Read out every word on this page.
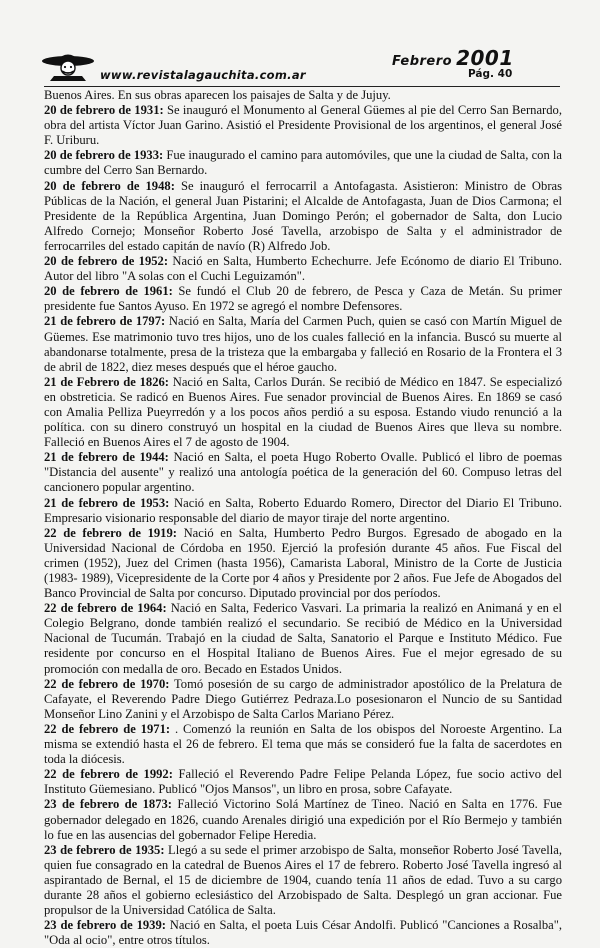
Febrero 2001
www.revistalagauchita.com.ar	Pág. 40

Buenos Aires. En sus obras aparecen los paisajes de Salta y de Jujuy.

20 de febrero de 1931: Se inauguró el Monumento al General Güemes al pie del Cerro San Bernardo, obra del artista Víctor Juan Garino. Asistió el Presidente Provisional de los argentinos, el general José F. Uriburu.

20 de febrero de 1933: Fue inaugurado el camino para automóviles, que une la ciudad de Salta, con la cumbre del Cerro San Bernardo.

20 de febrero de 1948: Se inauguró el ferrocarril a Antofagasta. Asistieron: Ministro de Obras Públicas de la Nación, el general Juan Pistarini; el Alcalde de Antofagasta, Juan de Dios Carmona; el Presidente de la República Argentina, Juan Domingo Perón; el gobernador de Salta, don Lucio Alfredo Cornejo; Monseñor Roberto José Tavella, arzobispo de Salta y el administrador de ferrocarriles del estado capitán de navío (R) Alfredo Job.

20 de febrero de 1952: Nació en Salta, Humberto Echechurre. Jefe Ecónomo de diario El Tribuno. Autor del libro "A solas con el Cuchi Leguizamón".

20 de febrero de 1961: Se fundó el Club 20 de febrero, de Pesca y Caza de Metán. Su primer presidente fue Santos Ayuso. En 1972 se agregó el nombre Defensores.

21 de febrero de 1797: Nació en Salta, María del Carmen Puch, quien se casó con Martín Miguel de Güemes. Ese matrimonio tuvo tres hijos, uno de los cuales falleció en la infancia. Buscó su muerte al abandonarse totalmente, presa de la tristeza que la embargaba y falleció en Rosario de la Frontera el 3 de abril de 1822, diez meses después que el héroe gaucho.

21 de Febrero de 1826: Nació en Salta, Carlos Durán. Se recibió de Médico en 1847. Se especializó en obstreticia. Se radicó en Buenos Aires. Fue senador provincial de Buenos Aires. En 1869 se casó con Amalia Pelliza Pueyrredón y a los pocos años perdió a su esposa. Estando viudo renunció a la política. con su dinero construyó un hospital en la ciudad de Buenos Aires que lleva su nombre. Falleció en Buenos Aires el 7 de agosto de 1904.

21 de febrero de 1944: Nació en Salta, el poeta Hugo Roberto Ovalle. Publicó el libro de poemas "Distancia del ausente" y realizó una antología poética de la generación del 60. Compuso letras del cancionero popular argentino.

21 de febrero de 1953: Nació en Salta, Roberto Eduardo Romero, Director del Diario El Tribuno. Empresario visionario responsable del diario de mayor tiraje del norte argentino.

22 de febrero de 1919: Nació en Salta, Humberto Pedro Burgos. Egresado de abogado en la Universidad Nacional de Córdoba en 1950. Ejerció la profesión durante 45 años. Fue Fiscal del crimen (1952), Juez del Crimen (hasta 1956), Camarista Laboral, Ministro de la Corte de Justicia (1983- 1989), Vicepresidente de la Corte por 4 años y Presidente por 2 años. Fue Jefe de Abogados del Banco Provincial de Salta por concurso. Diputado provincial por dos períodos.

22 de febrero de 1964: Nació en Salta, Federico Vasvari. La primaria la realizó en Animaná y en el Colegio Belgrano, donde también realizó el secundario. Se recibió de Médico en la Universidad Nacional de Tucumán. Trabajó en la ciudad de Salta, Sanatorio el Parque e Instituto Médico. Fue residente por concurso en el Hospital Italiano de Buenos Aires. Fue el mejor egresado de su promoción con medalla de oro. Becado en Estados Unidos.

22 de febrero de 1970: Tomó posesión de su cargo de administrador apostólico de la Prelatura de Cafayate, el Reverendo Padre Diego Gutiérrez Pedraza.Lo posesionaron el Nuncio de su Santidad Monseñor Lino Zanini y el Arzobispo de Salta Carlos Mariano Pérez.

22 de febrero de 1971: . Comenzó la reunión en Salta de los obispos del Noroeste Argentino. La misma se extendió hasta el 26 de febrero. El tema que más se consideró fue la falta de sacerdotes en toda la diócesis.

22 de febrero de 1992: Falleció el Reverendo Padre Felipe Pelanda López, fue socio activo del Instituto Güemesiano. Publicó "Ojos Mansos", un libro en prosa, sobre Cafayate.

23 de febrero de 1873: Falleció Victorino Solá Martínez de Tineo. Nació en Salta en 1776. Fue gobernador delegado en 1826, cuando Arenales dirigió una expedición por el Río Bermejo y también lo fue en las ausencias del gobernador Felipe Heredia.

23 de febrero de 1935: Llegó a su sede el primer arzobispo de Salta, monseñor Roberto José Tavella, quien fue consagrado en la catedral de Buenos Aires el 17 de febrero. Roberto José Tavella ingresó al aspirantado de Bernal, el 15 de diciembre de 1904, cuando tenía 11 años de edad. Tuvo a su cargo durante 28 años el gobierno eclesiástico del Arzobispado de Salta. Desplegó un gran accionar. Fue propulsor de la Universidad Católica de Salta.

23 de febrero de 1939: Nació en Salta, el poeta Luis César Andolfi. Publicó "Canciones a Rosalba", "Oda al ocio", entre otros títulos.
